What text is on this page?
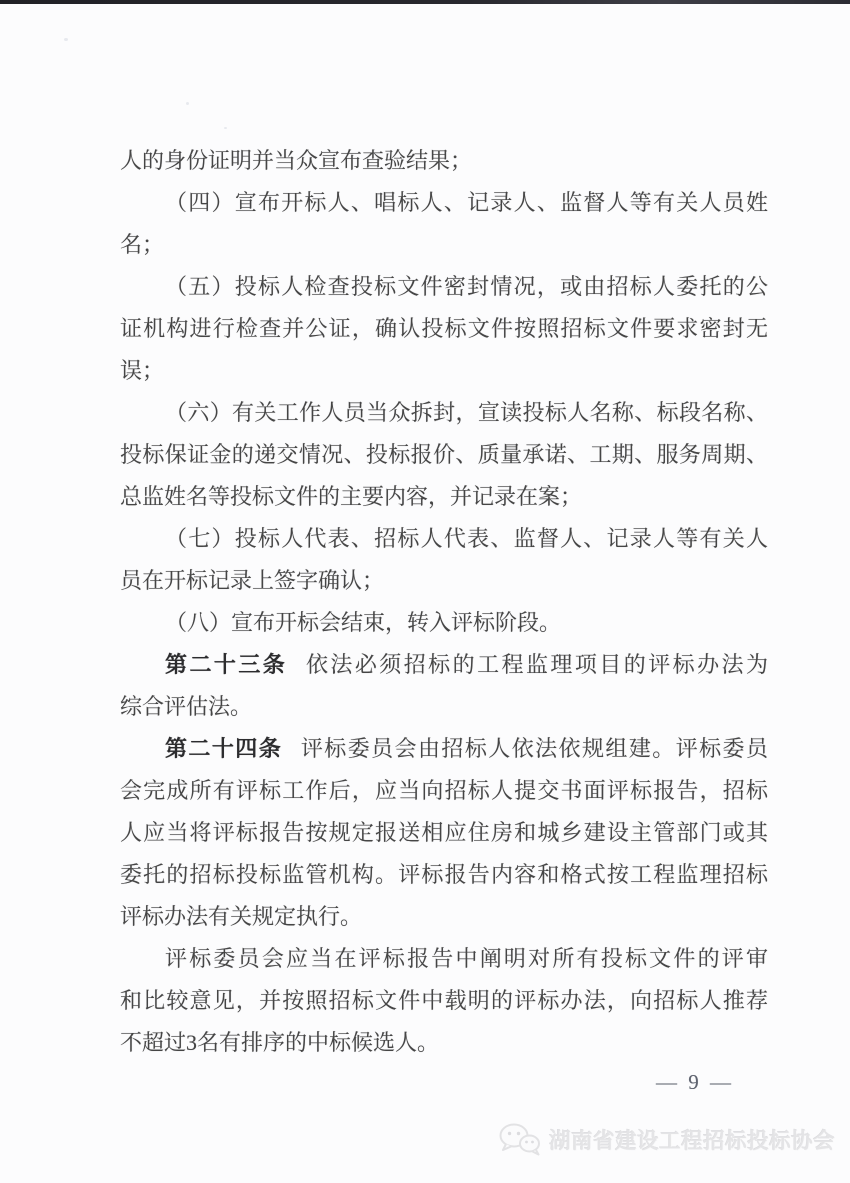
人的身份证明并当众宣布查验结果；
（四）宣布开标人、唱标人、记录人、监督人等有关人员姓
名；
（五）投标人检查投标文件密封情况，或由招标人委托的公
证机构进行检查并公证，确认投标文件按照招标文件要求密封无
误；
（六）有关工作人员当众拆封，宣读投标人名称、标段名称、
投标保证金的递交情况、投标报价、质量承诺、工期、服务周期、
总监姓名等投标文件的主要内容，并记录在案；
（七）投标人代表、招标人代表、监督人、记录人等有关人
员在开标记录上签字确认；
（八）宣布开标会结束，转入评标阶段。
第二十三条 依法必须招标的工程监理项目的评标办法为
综合评估法。
第二十四条 评标委员会由招标人依法依规组建。评标委员
会完成所有评标工作后，应当向招标人提交书面评标报告，招标
人应当将评标报告按规定报送相应住房和城乡建设主管部门或其
委托的招标投标监管机构。评标报告内容和格式按工程监理招标
评标办法有关规定执行。
评标委员会应当在评标报告中阐明对所有投标文件的评审
和比较意见，并按照招标文件中载明的评标办法，向招标人推荐
不超过3名有排序的中标候选人。
— 9 —
湖南省建设工程招标投标协会
